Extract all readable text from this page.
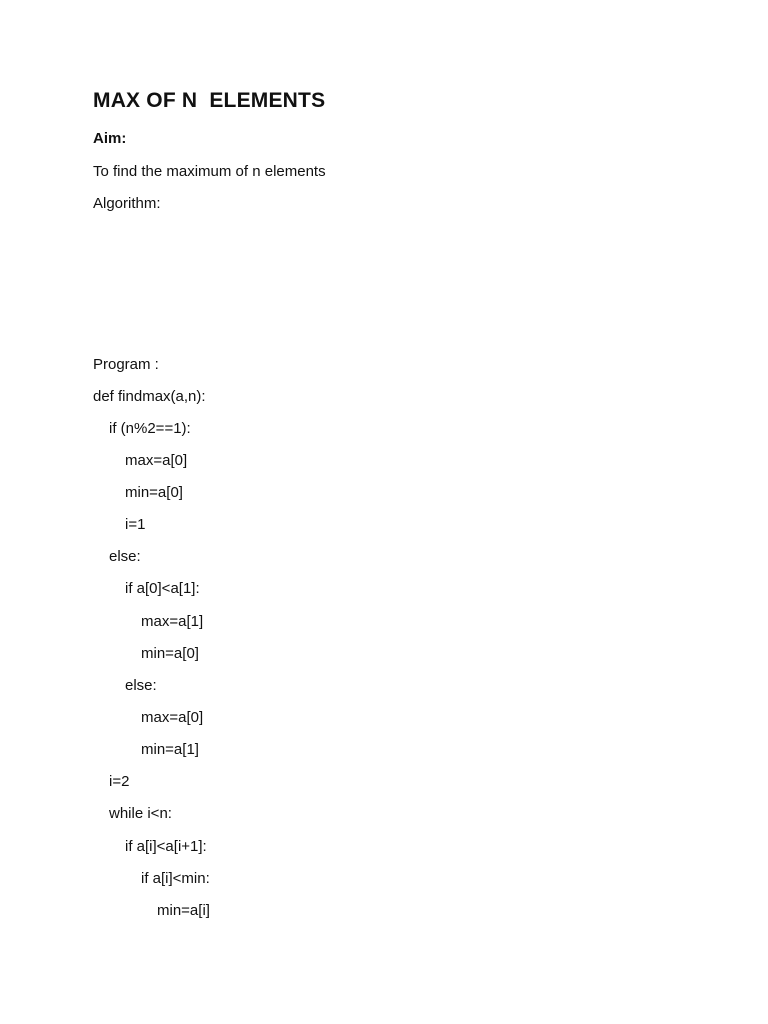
MAX OF N  ELEMENTS
Aim:
To find the maximum of n elements
Algorithm:
Program :
def findmax(a,n):
if (n%2==1):
max=a[0]
min=a[0]
i=1
else:
if a[0]<a[1]:
max=a[1]
min=a[0]
else:
max=a[0]
min=a[1]
i=2
while i<n:
if a[i]<a[i+1]:
if a[i]<min:
min=a[i]
